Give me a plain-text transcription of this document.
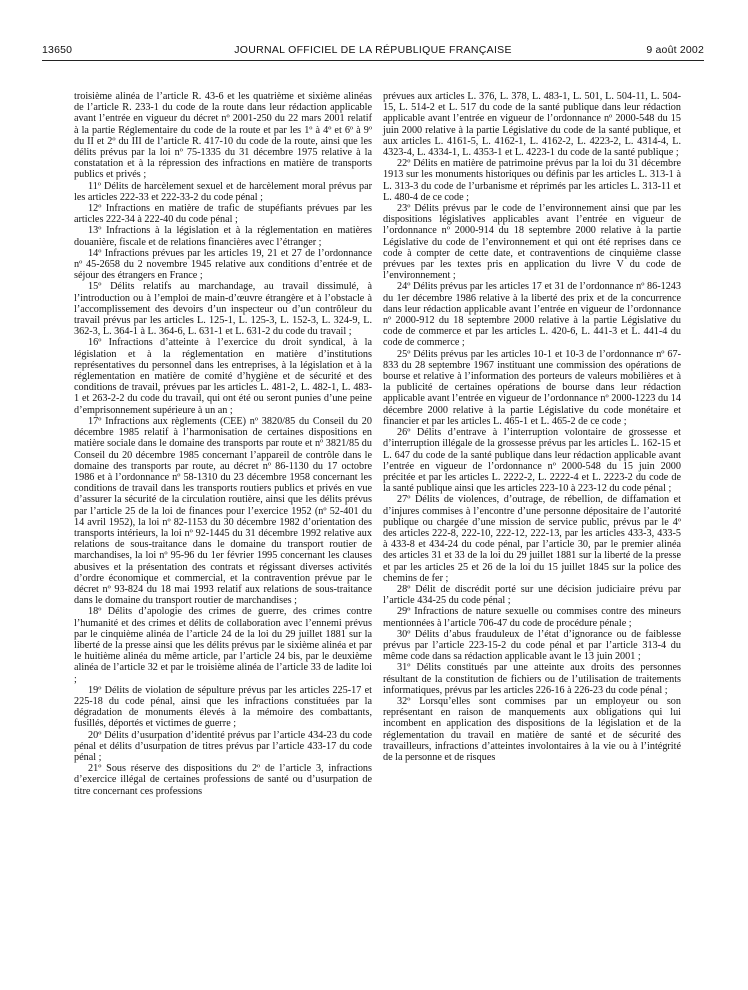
13650	JOURNAL OFFICIEL DE LA RÉPUBLIQUE FRANÇAISE	9 août 2002

troisième alinéa de l’article R. 43-6 et les quatrième et sixième alinéas de l’article R. 233-1 du code de la route dans leur rédaction applicable avant l’entrée en vigueur du décret nº 2001-250 du 22 mars 2001 relatif à la partie Réglementaire du code de la route et par les 1º à 4º et 6º à 9º du II et 2º du III de l’article R. 417-10 du code de la route, ainsi que les délits prévus par la loi nº 75-1335 du 31 décembre 1975 relative à la constatation et à la répression des infractions en matière de transports publics et privés ;

11º Délits de harcèlement sexuel et de harcèlement moral prévus par les articles 222-33 et 222-33-2 du code pénal ;

12º Infractions en matière de trafic de stupéfiants prévues par les articles 222-34 à 222-40 du code pénal ;

13º Infractions à la législation et à la réglementation en matières douanière, fiscale et de relations financières avec l’étranger ;

14º Infractions prévues par les articles 19, 21 et 27 de l’ordonnance nº 45-2658 du 2 novembre 1945 relative aux conditions d’entrée et de séjour des étrangers en France ;

15º Délits relatifs au marchandage, au travail dissimulé, à l’introduction ou à l’emploi de main-d’œuvre étrangère et à l’obstacle à l’accomplissement des devoirs d’un inspecteur ou d’un contrôleur du travail prévus par les articles L. 125-1, L. 125-3, L. 152-3, L. 324-9, L. 362-3, L. 364-1 à L. 364-6, L. 631-1 et L. 631-2 du code du travail ;

16º Infractions d’atteinte à l’exercice du droit syndical, à la législation et à la réglementation en matière d’institutions représentatives du personnel dans les entreprises, à la législation et à la réglementation en matière de comité d’hygiène et de sécurité et des conditions de travail, prévues par les articles L. 481-2, L. 482-1, L. 483-1 et 263-2-2 du code du travail, qui ont été ou seront punies d’une peine d’emprisonnement supérieure à un an ;

17º Infractions aux règlements (CEE) nº 3820/85 du Conseil du 20 décembre 1985 relatif à l’harmonisation de certaines dispositions en matière sociale dans le domaine des transports par route et nº 3821/85 du Conseil du 20 décembre 1985 concernant l’appareil de contrôle dans le domaine des transports par route, au décret nº 86-1130 du 17 octobre 1986 et à l’ordonnance nº 58-1310 du 23 décembre 1958 concernant les conditions de travail dans les transports routiers publics et privés en vue d’assurer la sécurité de la circulation routière, ainsi que les délits prévus par l’article 25 de la loi de finances pour l’exercice 1952 (nº 52-401 du 14 avril 1952), la loi nº 82-1153 du 30 décembre 1982 d’orientation des transports intérieurs, la loi nº 92-1445 du 31 décembre 1992 relative aux relations de sous-traitance dans le domaine du transport routier de marchandises, la loi nº 95-96 du 1er février 1995 concernant les clauses abusives et la présentation des contrats et régissant diverses activités d’ordre économique et commercial, et la contravention prévue par le décret nº 93-824 du 18 mai 1993 relatif aux relations de sous-traitance dans le domaine du transport routier de marchandises ;

18º Délits d’apologie des crimes de guerre, des crimes contre l’humanité et des crimes et délits de collaboration avec l’ennemi prévus par le cinquième alinéa de l’article 24 de la loi du 29 juillet 1881 sur la liberté de la presse ainsi que les délits prévus par le sixième alinéa et par le huitième alinéa du même article, par l’article 24 bis, par le deuxième alinéa de l’article 32 et par le troisième alinéa de l’article 33 de ladite loi ;

19º Délits de violation de sépulture prévus par les articles 225-17 et 225-18 du code pénal, ainsi que les infractions constituées par la dégradation de monuments élevés à la mémoire des combattants, fusillés, déportés et victimes de guerre ;

20º Délits d’usurpation d’identité prévus par l’article 434-23 du code pénal et délits d’usurpation de titres prévus par l’article 433-17 du code pénal ;

21º Sous réserve des dispositions du 2º de l’article 3, infractions d’exercice illégal de certaines professions de santé ou d’usurpation de titre concernant ces professions

prévues aux articles L. 376, L. 378, L. 483-1, L. 501, L. 504-11, L. 504-15, L. 514-2 et L. 517 du code de la santé publique dans leur rédaction applicable avant l’entrée en vigueur de l’ordonnance nº 2000-548 du 15 juin 2000 relative à la partie Législative du code de la santé publique, et aux articles L. 4161-5, L. 4162-1, L. 4162-2, L. 4223-2, L. 4314-4, L. 4323-4, L. 4334-1, L. 4353-1 et L. 4223-1 du code de la santé publique ;

22º Délits en matière de patrimoine prévus par la loi du 31 décembre 1913 sur les monuments historiques ou définis par les articles L. 313-1 à L. 313-3 du code de l’urbanisme et réprimés par les articles L. 313-11 et L. 480-4 de ce code ;

23º Délits prévus par le code de l’environnement ainsi que par les dispositions législatives applicables avant l’entrée en vigueur de l’ordonnance nº 2000-914 du 18 septembre 2000 relative à la partie Législative du code de l’environnement et qui ont été reprises dans ce code à compter de cette date, et contraventions de cinquième classe prévues par les textes pris en application du livre V du code de l’environnement ;

24º Délits prévus par les articles 17 et 31 de l’ordonnance nº 86-1243 du 1er décembre 1986 relative à la liberté des prix et de la concurrence dans leur rédaction applicable avant l’entrée en vigueur de l’ordonnance nº 2000-912 du 18 septembre 2000 relative à la partie Législative du code de commerce et par les articles L. 420-6, L. 441-3 et L. 441-4 du code de commerce ;

25º Délits prévus par les articles 10-1 et 10-3 de l’ordonnance nº 67-833 du 28 septembre 1967 instituant une commission des opérations de bourse et relative à l’information des porteurs de valeurs mobilières et à la publicité de certaines opérations de bourse dans leur rédaction applicable avant l’entrée en vigueur de l’ordonnance nº 2000-1223 du 14 décembre 2000 relative à la partie Législative du code monétaire et financier et par les articles L. 465-1 et L. 465-2 de ce code ;

26º Délits d’entrave à l’interruption volontaire de grossesse et d’interruption illégale de la grossesse prévus par les articles L. 162-15 et L. 647 du code de la santé publique dans leur rédaction applicable avant l’entrée en vigueur de l’ordonnance nº 2000-548 du 15 juin 2000 précitée et par les articles L. 2222-2, L. 2222-4 et L. 2223-2 du code de la santé publique ainsi que les articles 223-10 à 223-12 du code pénal ;

27º Délits de violences, d’outrage, de rébellion, de diffamation et d’injures commises à l’encontre d’une personne dépositaire de l’autorité publique ou chargée d’une mission de service public, prévus par le 4º des articles 222-8, 222-10, 222-12, 222-13, par les articles 433-3, 433-5 à 433-8 et 434-24 du code pénal, par l’article 30, par le premier alinéa des articles 31 et 33 de la loi du 29 juillet 1881 sur la liberté de la presse et par les articles 25 et 26 de la loi du 15 juillet 1845 sur la police des chemins de fer ;

28º Délit de discrédit porté sur une décision judiciaire prévu par l’article 434-25 du code pénal ;

29º Infractions de nature sexuelle ou commises contre des mineurs mentionnées à l’article 706-47 du code de procédure pénale ;

30º Délits d’abus frauduleux de l’état d’ignorance ou de faiblesse prévus par l’article 223-15-2 du code pénal et par l’article 313-4 du même code dans sa rédaction applicable avant le 13 juin 2001 ;

31º Délits constitués par une atteinte aux droits des personnes résultant de la constitution de fichiers ou de l’utilisation de traitements informatiques, prévus par les articles 226-16 à 226-23 du code pénal ;

32º Lorsqu’elles sont commises par un employeur ou son représentant en raison de manquements aux obligations qui lui incombent en application des dispositions de la législation et de la réglementation du travail en matière de santé et de sécurité des travailleurs, infractions d’atteintes involontaires à la vie ou à l’intégrité de la personne et de risques
